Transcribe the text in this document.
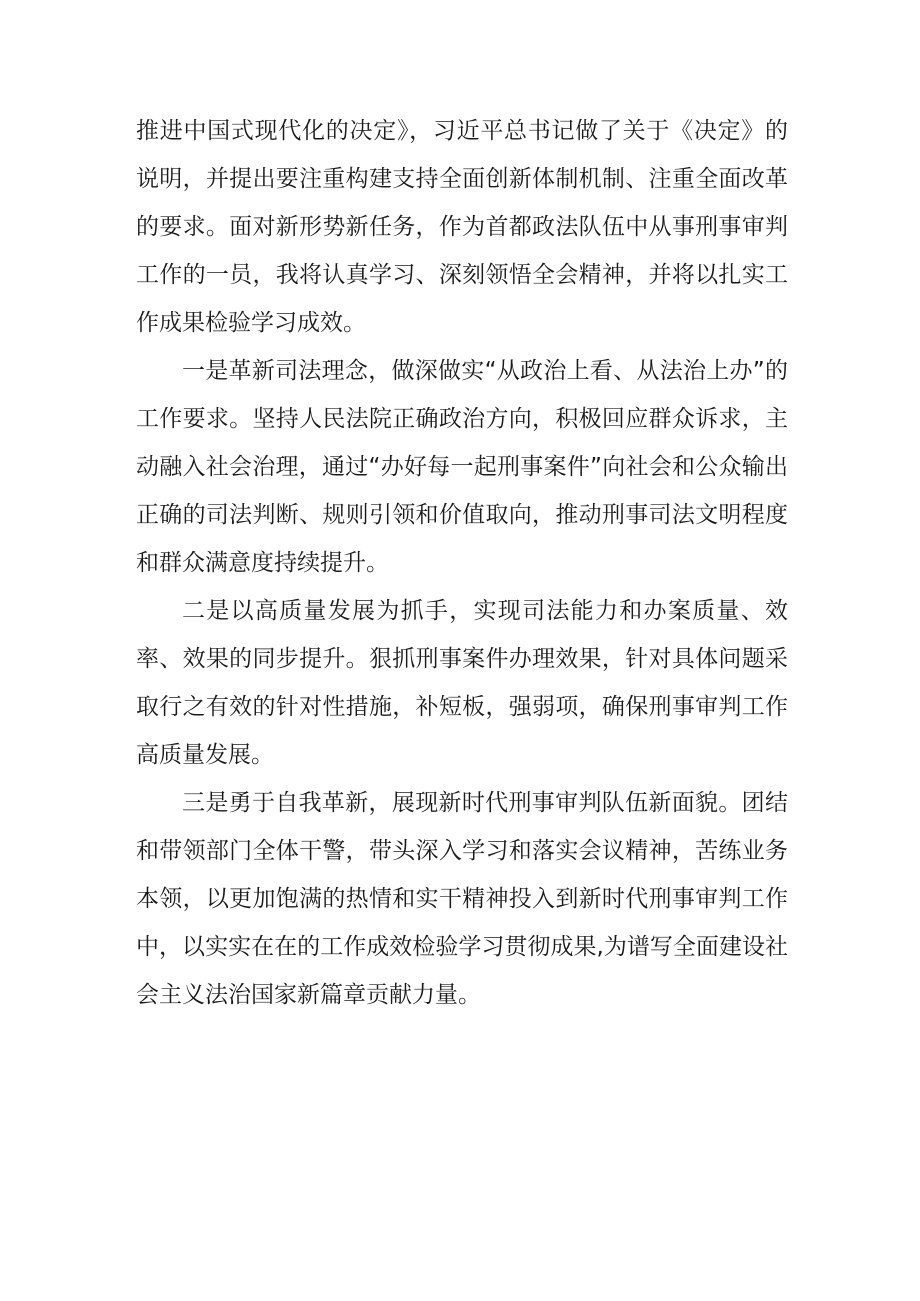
推进中国式现代化的决定》，习近平总书记做了关于《决定》的说明，并提出要注重构建支持全面创新体制机制、注重全面改革的要求。面对新形势新任务，作为首都政法队伍中从事刑事审判工作的一员，我将认真学习、深刻领悟全会精神，并将以扎实工作成果检验学习成效。

一是革新司法理念，做深做实“从政治上看、从法治上办”的工作要求。坚持人民法院正确政治方向，积极回应群众诉求，主动融入社会治理，通过“办好每一起刑事案件”向社会和公众输出正确的司法判断、规则引领和价值取向，推动刑事司法文明程度和群众满意度持续提升。

二是以高质量发展为抓手，实现司法能力和办案质量、效率、效果的同步提升。狠抓刑事案件办理效果，针对具体问题采取行之有效的针对性措施，补短板，强弱项，确保刑事审判工作高质量发展。

三是勇于自我革新，展现新时代刑事审判队伍新面貌。团结和带领部门全体干警，带头深入学习和落实会议精神，苦练业务本领，以更加饱满的热情和实干精神投入到新时代刑事审判工作中，以实实在在的工作成效检验学习贯彻成果,为谱写全面建设社会主义法治国家新篇章贡献力量。
